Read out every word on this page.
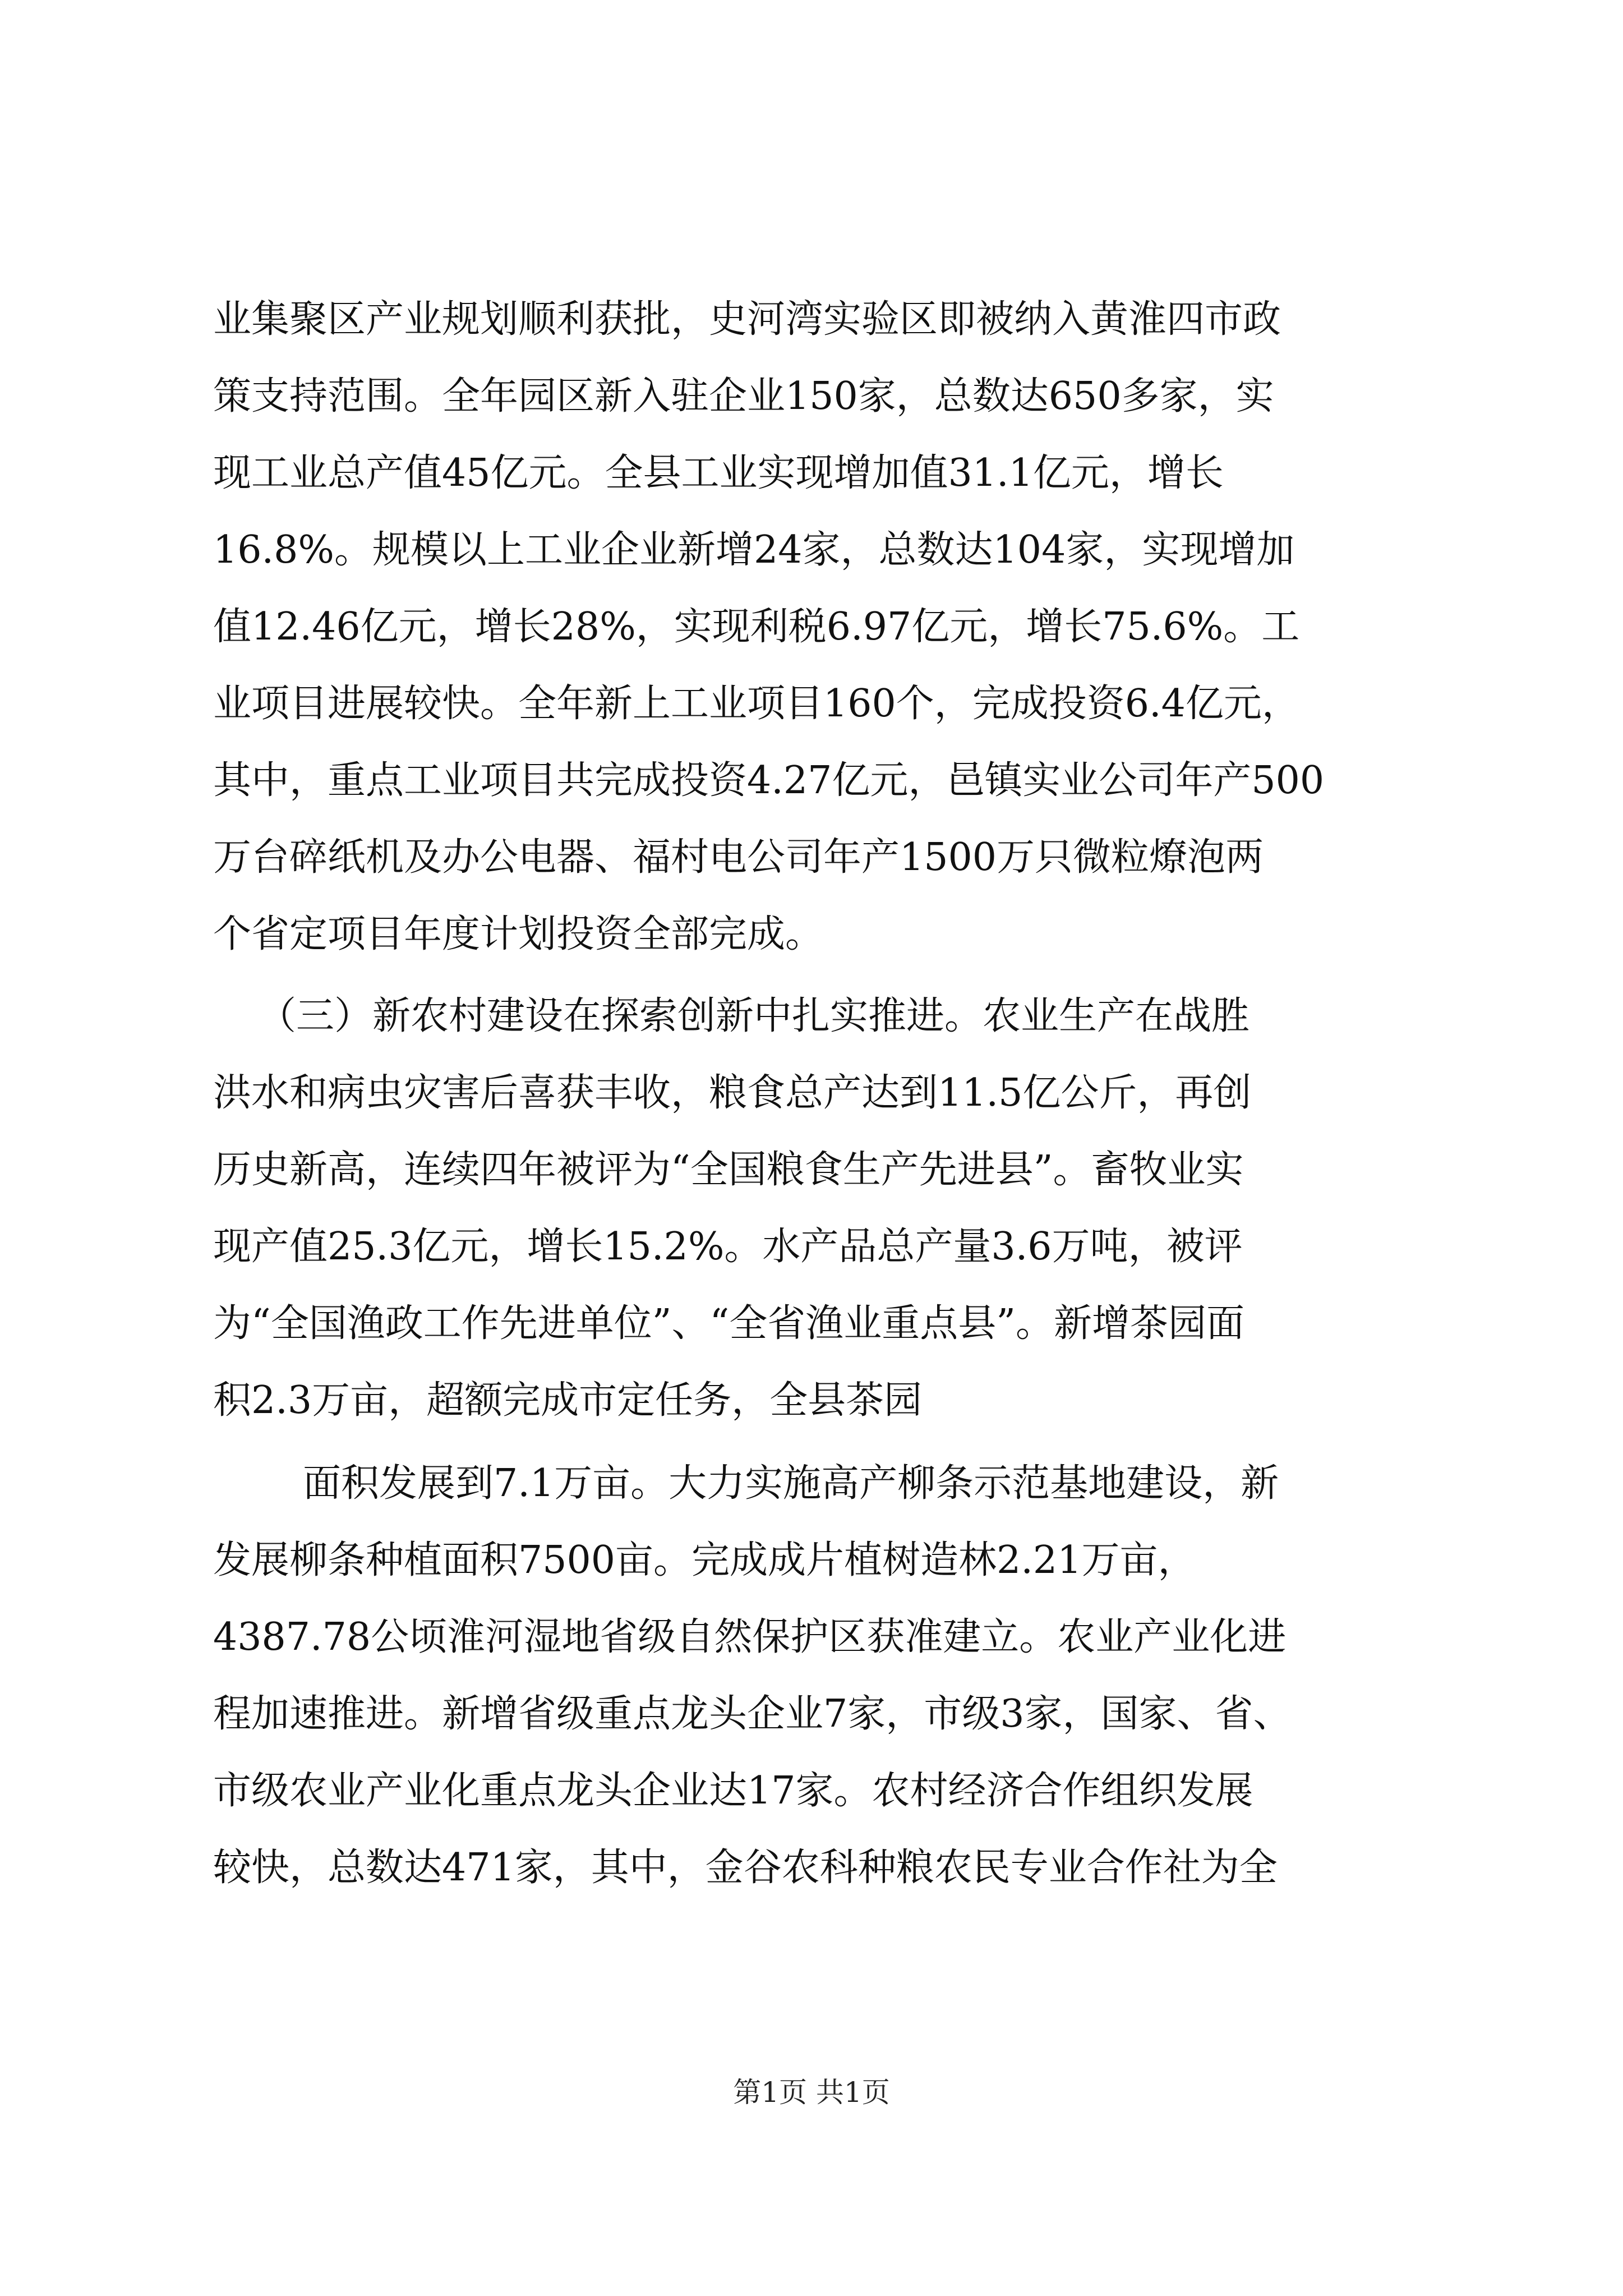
业集聚区产业规划顺利获批，史河湾实验区即被纳入黄淮四市政
策支持范围。全年园区新入驻企业150家，总数达650多家，实
现工业总产值45亿元。全县工业实现增加值31.1亿元，增长
16.8%。规模以上工业企业新增24家，总数达104家，实现增加
值12.46亿元，增长28%，实现利税6.97亿元，增长75.6%。工
业项目进展较快。全年新上工业项目160个，完成投资6.4亿元，
其中，重点工业项目共完成投资4.27亿元，邑镇实业公司年产500
万台碎纸机及办公电器、福村电公司年产1500万只微粒燎泡两
个省定项目年度计划投资全部完成。
（三）新农村建设在探索创新中扎实推进。农业生产在战胜
洪水和病虫灾害后喜获丰收，粮食总产达到11.5亿公斤，再创
历史新高，连续四年被评为“全国粮食生产先进县”。畜牧业实
现产值25.3亿元，增长15.2%。水产品总产量3.6万吨，被评
为“全国渔政工作先进单位”、“全省渔业重点县”。新增茶园面
积2.3万亩，超额完成市定任务，全县茶园
面积发展到7.1万亩。大力实施高产柳条示范基地建设，新
发展柳条种植面积7500亩。完成成片植树造林2.21万亩，
4387.78公顷淮河湿地省级自然保护区获准建立。农业产业化进
程加速推进。新增省级重点龙头企业7家，市级3家，国家、省、
市级农业产业化重点龙头企业达17家。农村经济合作组织发展
较快，总数达471家，其中，金谷农科种粮农民专业合作社为全
第1页 共1页
